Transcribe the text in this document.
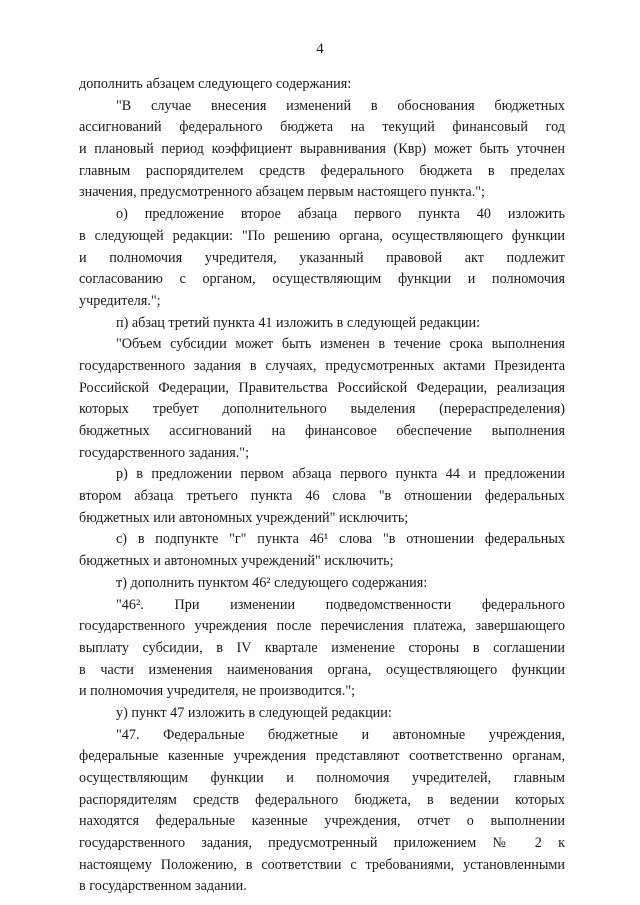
4
дополнить абзацем следующего содержания:
"В случае внесения изменений в обоснования бюджетных
ассигнований федерального бюджета на текущий финансовый год
и плановый период коэффициент выравнивания (Квр) может быть уточнен
главным распорядителем средств федерального бюджета в пределах
значения, предусмотренного абзацем первым настоящего пункта.";
о) предложение второе абзаца первого пункта 40 изложить
в следующей редакции: "По решению органа, осуществляющего функции
и полномочия учредителя, указанный правовой акт подлежит
согласованию с органом, осуществляющим функции и полномочия
учредителя.";
п) абзац третий пункта 41 изложить в следующей редакции:
"Объем субсидии может быть изменен в течение срока выполнения
государственного задания в случаях, предусмотренных актами Президента
Российской Федерации, Правительства Российской Федерации, реализация
которых требует дополнительного выделения (перераспределения)
бюджетных ассигнований на финансовое обеспечение выполнения
государственного задания.";
р) в предложении первом абзаца первого пункта 44 и предложении
втором абзаца третьего пункта 46 слова "в отношении федеральных
бюджетных или автономных учреждений" исключить;
с) в подпункте "г" пункта 46¹ слова "в отношении федеральных
бюджетных и автономных учреждений" исключить;
т) дополнить пунктом 46² следующего содержания:
"46². При изменении подведомственности федерального
государственного учреждения после перечисления платежа, завершающего
выплату субсидии, в IV квартале изменение стороны в соглашении
в части изменения наименования органа, осуществляющего функции
и полномочия учредителя, не производится.";
у) пункт 47 изложить в следующей редакции:
"47. Федеральные бюджетные и автономные учреждения,
федеральные казенные учреждения представляют соответственно органам,
осуществляющим функции и полномочия учредителей, главным
распорядителям средств федерального бюджета, в ведении которых
находятся федеральные казенные учреждения, отчет о выполнении
государственного задания, предусмотренный приложением № 2 к
настоящему Положению, в соответствии с требованиями, установленными
в государственном задании.
